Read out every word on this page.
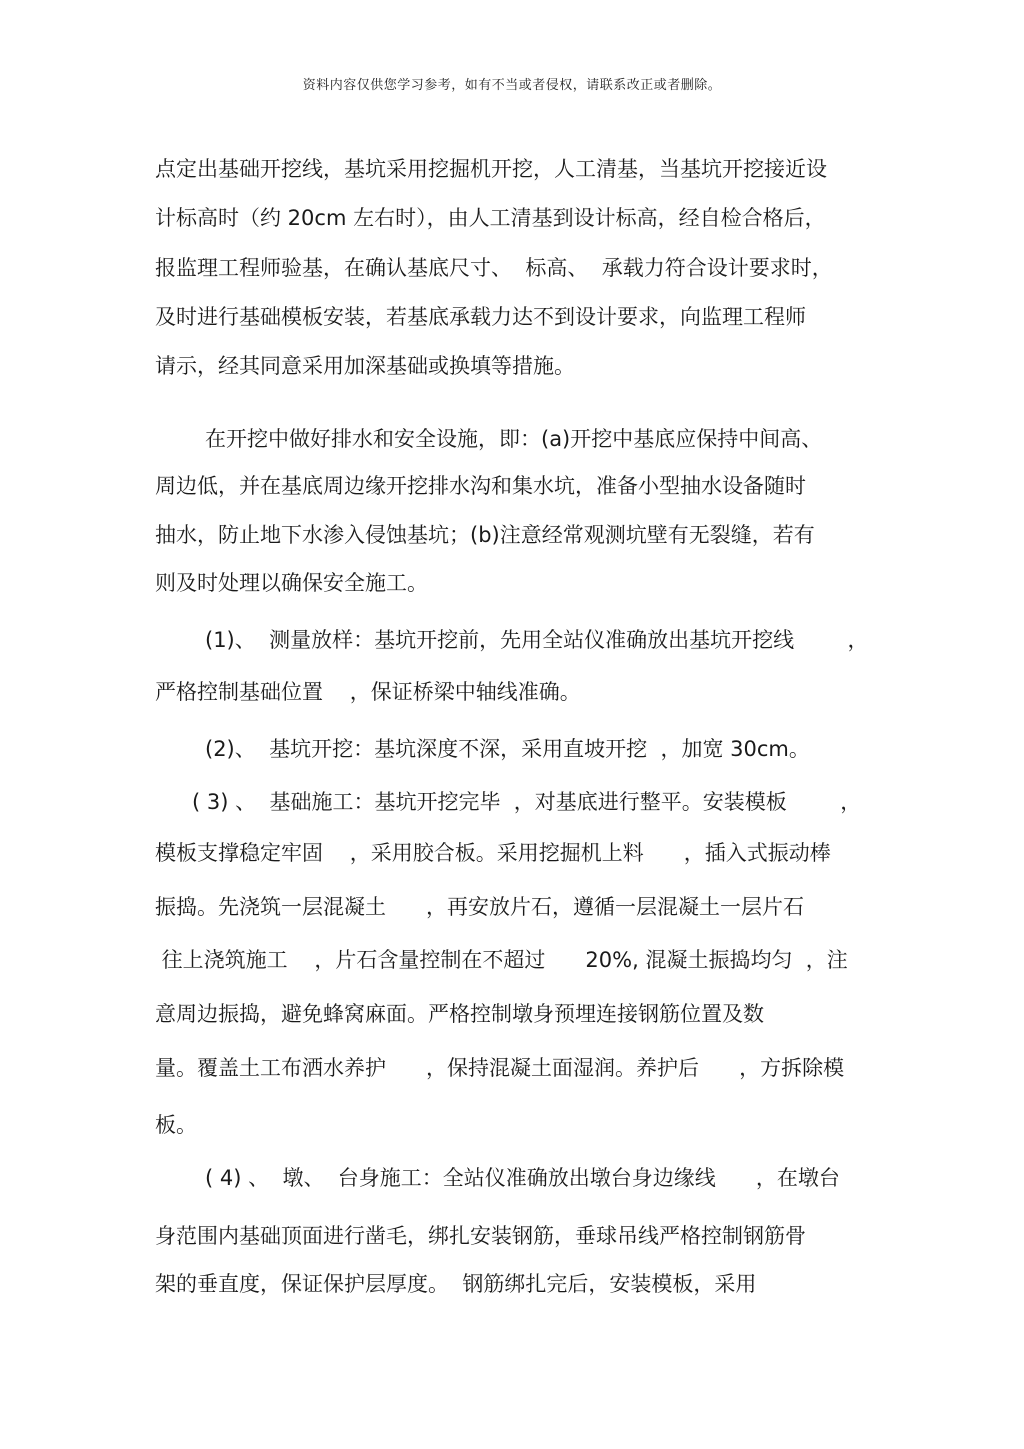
资料内容仅供您学习参考，如有不当或者侵权，请联系改正或者删除。
点定出基础开挖线，基坑采用挖掘机开挖，人工清基，当基坑开挖接近设
计标高时（约 20cm 左右时），由人工清基到设计标高，经自检合格后，
报监理工程师验基，在确认基底尺寸、  标高、  承载力符合设计要求时，
及时进行基础模板安装，若基底承载力达不到设计要求，向监理工程师
请示，经其同意采用加深基础或换填等措施。
在开挖中做好排水和安全设施，即：(a)开挖中基底应保持中间高、
周边低，并在基底周边缘开挖排水沟和集水坑，准备小型抽水设备随时
抽水，防止地下水渗入侵蚀基坑；(b)注意经常观测坑壁有无裂缝，若有
则及时处理以确保安全施工。
(1)、  测量放样：基坑开挖前，先用全站仪准确放出基坑开挖线        ，
严格控制基础位置    ，保证桥梁中轴线准确。
(2)、  基坑开挖：基坑深度不深，采用直坡开挖  ，加宽 30cm。
( 3) 、  基础施工：基坑开挖完毕  ，对基底进行整平。安装模板        ，
模板支撑稳定牢固    ，采用胶合板。采用挖掘机上料      ，插入式振动棒
振捣。先浇筑一层混凝土      ，再安放片石，遵循一层混凝土一层片石
往上浇筑施工    ，片石含量控制在不超过      20%, 混凝土振捣均匀  ，注
意周边振捣，避免蜂窝麻面。严格控制墩身预埋连接钢筋位置及数
量。覆盖土工布洒水养护      ，保持混凝土面湿润。养护后      ，方拆除模
板。
( 4) 、  墩、  台身施工：全站仪准确放出墩台身边缘线      ，在墩台
身范围内基础顶面进行凿毛，绑扎安装钢筋，垂球吊线严格控制钢筋骨
架的垂直度，保证保护层厚度。  钢筋绑扎完后，安装模板，采用
